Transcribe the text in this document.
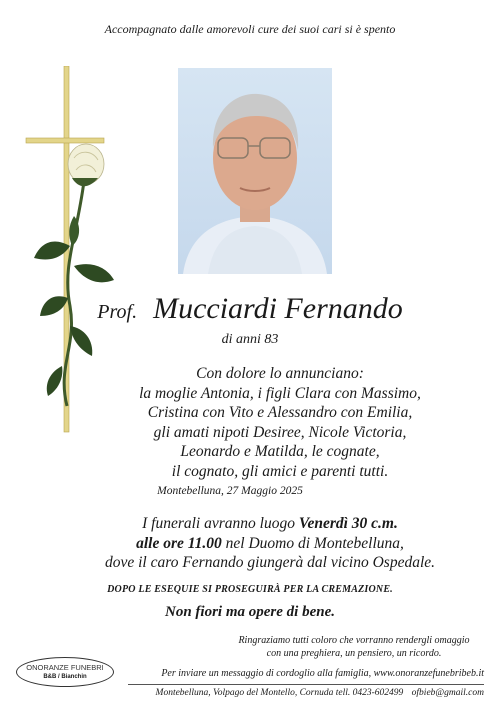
Accompagnato dalle amorevoli cure dei suoi cari si è spento
Prof. Mucciardi Fernando
di anni 83
Con dolore lo annunciano:
la moglie Antonia, i figli Clara con Massimo,
Cristina con Vito e Alessandro con Emilia,
gli amati nipoti Desiree, Nicole Victoria,
Leonardo e Matilda, le cognate,
il cognato, gli amici e parenti tutti.
Montebelluna, 27 Maggio 2025
I funerali avranno luogo Venerdì 30 c.m.
alle ore 11.00 nel Duomo di Montebelluna,
dove il caro Fernando giungerà dal vicino Ospedale.
DOPO LE ESEQUIE SI PROSEGUIRÀ PER LA CREMAZIONE.
Non fiori ma opere di bene.
Ringraziamo tutti coloro che vorranno rendergli omaggio
con una preghiera, un pensiero, un ricordo.
ONORANZE FUNEBRI
B&B / Bianchin	Per inviare un messaggio di cordoglio alla famiglia, www.onoranzefunebribeb.it
Montebelluna, Volpago del Montello, Cornuda tell. 0423-602499 ofbieb@gmail.com
